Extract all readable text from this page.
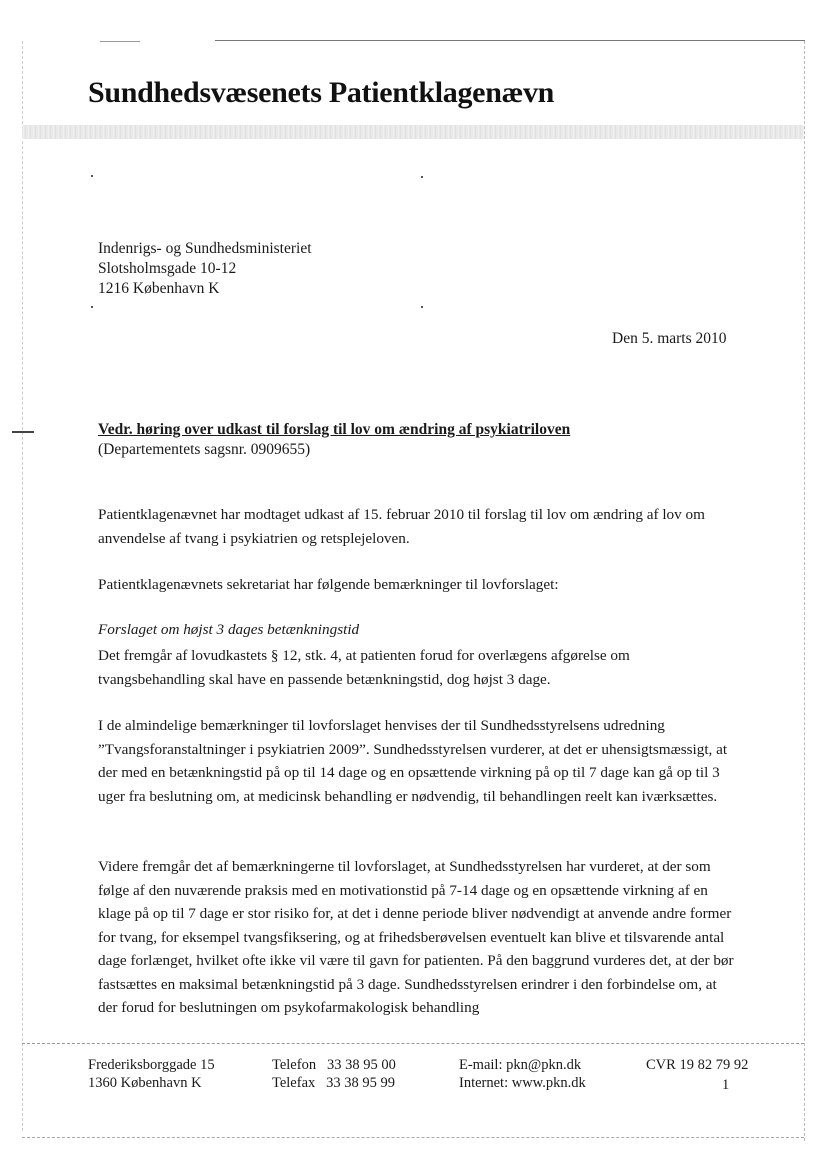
Sundhedsvæsenets Patientklagenævn
Indenrigs- og Sundhedsministeriet
Slotsholmsgade 10-12
1216 København K
Den 5. marts 2010
Vedr. høring over udkast til forslag til lov om ændring af psykiatriloven
(Departementets sagsnr. 0909655)
Patientklagenævnet har modtaget udkast af 15. februar 2010 til forslag til lov om ændring af lov om anvendelse af tvang i psykiatrien og retsplejeloven.
Patientklagenævnets sekretariat har følgende bemærkninger til lovforslaget:
Forslaget om højst 3 dages betænkningstid
Det fremgår af lovudkastets § 12, stk. 4, at patienten forud for overlægens afgørelse om tvangsbehandling skal have en passende betænkningstid, dog højst 3 dage.
I de almindelige bemærkninger til lovforslaget henvises der til Sundhedsstyrelsens udredning ”Tvangsforanstaltninger i psykiatrien 2009”. Sundhedsstyrelsen vurderer, at det er uhensigtsmæssigt, at der med en betænkningstid på op til 14 dage og en opsættende virkning på op til 7 dage kan gå op til 3 uger fra beslutning om, at medicinsk behandling er nødvendig, til behandlingen reelt kan iværksættes.
Videre fremgår det af bemærkningerne til lovforslaget, at Sundhedsstyrelsen har vurderet, at der som følge af den nuværende praksis med en motivationstid på 7-14 dage og en opsættende virkning af en klage på op til 7 dage er stor risiko for, at det i denne periode bliver nødvendigt at anvende andre former for tvang, for eksempel tvangsfiksering, og at frihedsberøvelsen eventuelt kan blive et tilsvarende antal dage forlænget, hvilket ofte ikke vil være til gavn for patienten. På den baggrund vurderes det, at der bør fastsættes en maksimal betænkningstid på 3 dage. Sundhedsstyrelsen erindrer i den forbindelse om, at der forud for beslutningen om psykofarmakologisk behandling
Frederiksborggade 15
1360 København K
Telefon 33 38 95 00
Telefax 33 38 95 99
E-mail: pkn@pkn.dk
Internet: www.pkn.dk
CVR 19 82 79 92
1
